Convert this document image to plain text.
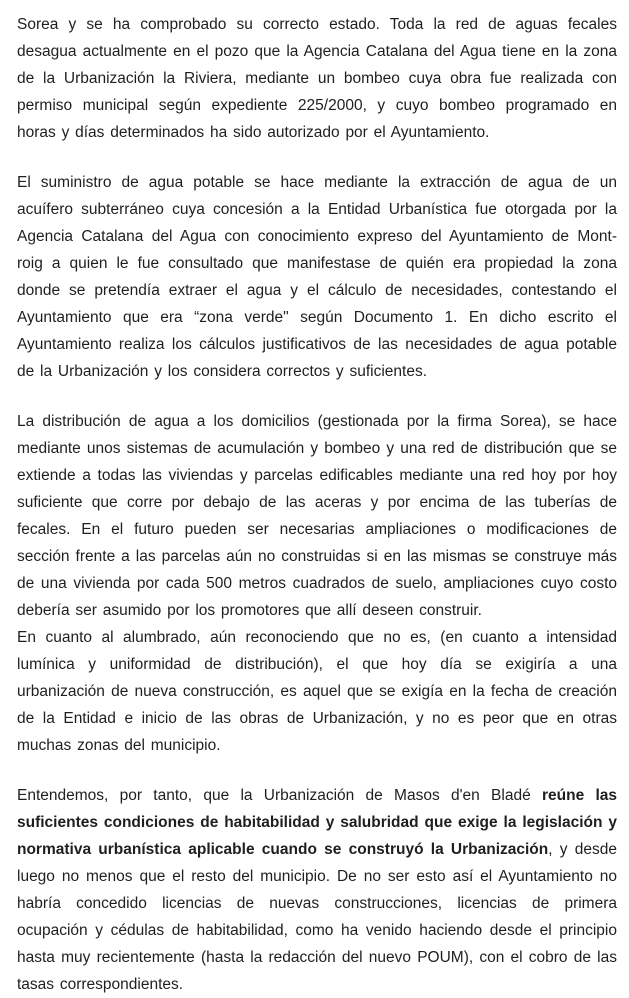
Sorea y se ha comprobado su correcto estado. Toda la red de aguas fecales desagua actualmente en el pozo que la Agencia Catalana del Agua tiene en la zona de la Urbanización la Riviera, mediante un bombeo cuya obra fue realizada con permiso municipal según expediente 225/2000, y cuyo bombeo programado en horas y días determinados ha sido autorizado por el Ayuntamiento.

El suministro de agua potable se hace mediante la extracción de agua de un acuífero subterráneo cuya concesión a la Entidad Urbanística fue otorgada por la Agencia Catalana del Agua con conocimiento expreso del Ayuntamiento de Mont-roig a quien le fue consultado que manifestase de quién era propiedad la zona donde se pretendía extraer el agua y el cálculo de necesidades, contestando el Ayuntamiento que era “zona verde" según Documento 1. En dicho escrito el Ayuntamiento realiza los cálculos justificativos de las necesidades de agua potable de la Urbanización y los considera correctos y suficientes.

La distribución de agua a los domicilios (gestionada por la firma Sorea), se hace mediante unos sistemas de acumulación y bombeo y una red de distribución que se extiende a todas las viviendas y parcelas edificables mediante una red hoy por hoy suficiente que corre por debajo de las aceras y por encima de las tuberías de fecales. En el futuro pueden ser necesarias ampliaciones o modificaciones de sección frente a las parcelas aún no construidas si en las mismas se construye más de una vivienda por cada 500 metros cuadrados de suelo, ampliaciones cuyo costo debería ser asumido por los promotores que allí deseen construir.

En cuanto al alumbrado, aún reconociendo que no es, (en cuanto a intensidad lumínica y uniformidad de distribución), el que hoy día se exigiría a una urbanización de nueva construcción, es aquel que se exigía en la fecha de creación de la Entidad e inicio de las obras de Urbanización, y no es peor que en otras muchas zonas del municipio.

Entendemos, por tanto, que la Urbanización de Masos d'en Bladé reúne las suficientes condiciones de habitabilidad y salubridad que exige la legislación y normativa urbanística aplicable cuando se construyó la Urbanización, y desde luego no menos que el resto del municipio. De no ser esto así el Ayuntamiento no habría concedido licencias de nuevas construcciones, licencias de primera ocupación y cédulas de habitabilidad, como ha venido haciendo desde el principio hasta muy recientemente (hasta la redacción del nuevo POUM), con el cobro de las tasas correspondientes.
